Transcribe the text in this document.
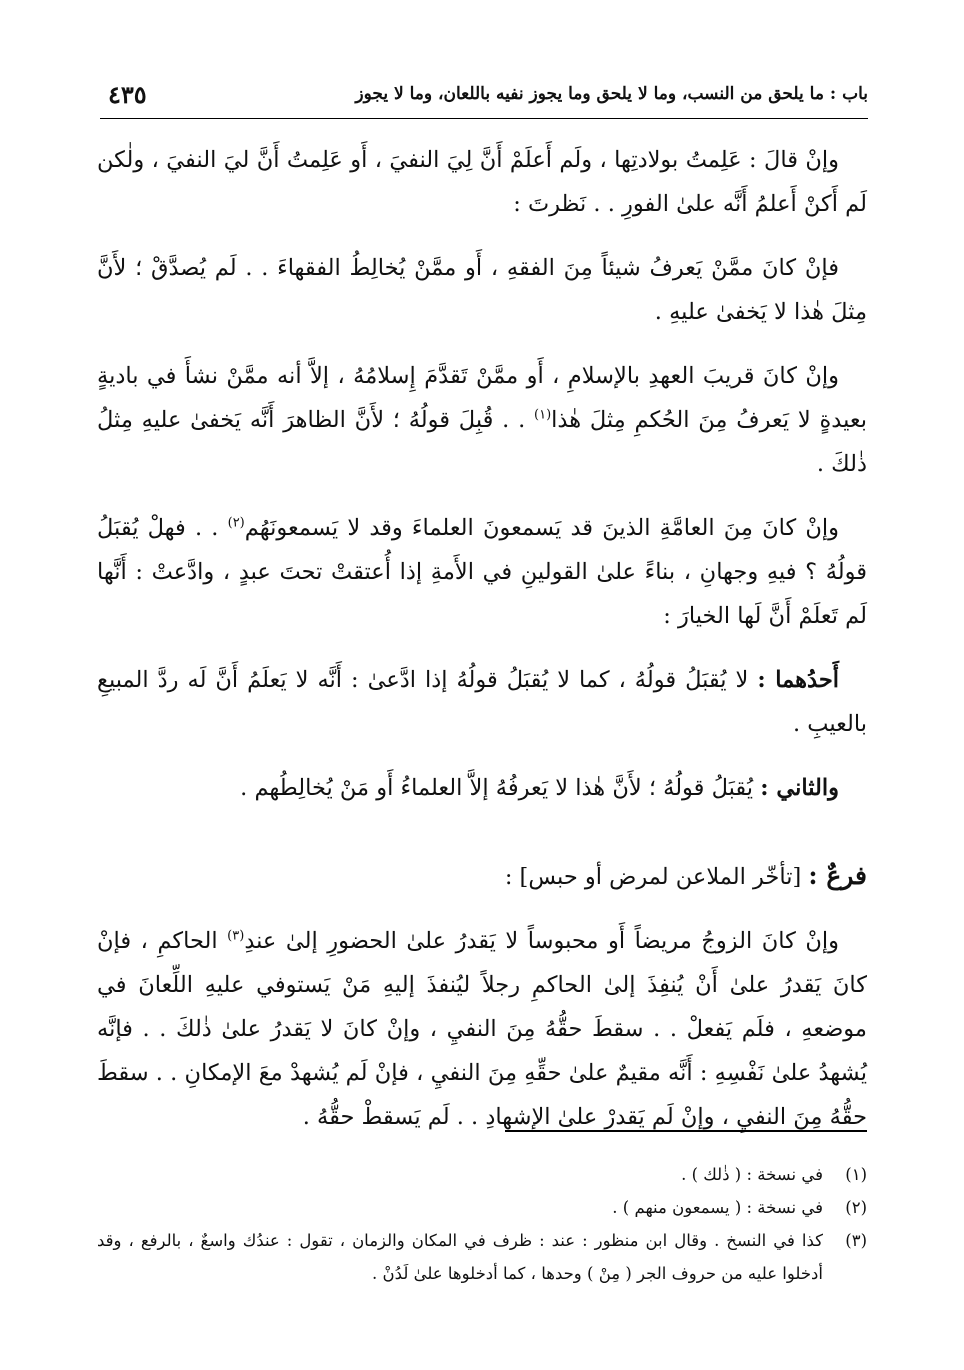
باب : ما يلحق من النسب، وما لا يلحق وما يجوز نفيه باللعان، وما لا يجوز
٤٣٥

وإنْ قالَ : عَلِمتُ بولادتِها ، ولَم أَعلَمْ أَنَّ لِيَ النفيَ ، أَو عَلِمتُ أَنَّ ليَ النفيَ ، ولٰكن لَم أَكنْ أَعلمُ أَنَّه علىٰ الفورِ . . نَظرتَ :

فإنْ كانَ ممَّنْ يَعرفُ شيئاً مِنَ الفقهِ ، أَو ممَّنْ يُخالِطُ الفقهاءَ . . لَم يُصدَّقْ ؛ لأَنَّ مِثلَ هٰذا لا يَخفىٰ عليهِ .

وإنْ كانَ قريبَ العهدِ بالإسلامِ ، أَو ممَّنْ تَقدَّمَ إِسلامُهُ ، إلاَّ أنه ممَّنْ نشأَ في باديةٍ بعيدةٍ لا يَعرفُ مِنَ الحُكمِ مِثلَ هٰذا$^{(١)}$ . . قُبِلَ قولُهُ ؛ لأَنَّ الظاهرَ أَنَّه يَخفىٰ عليهِ مِثلُ ذٰلكَ .

وإنْ كانَ مِنَ العامَّةِ الذينَ قد يَسمعونَ العلماءَ وقد لا يَسمعونَهُم$^{(٢)}$ . . فهلْ يُقبَلُ قولُهُ ؟ فيهِ وجهانِ ، بناءً علىٰ القولينِ في الأَمةِ إذا أُعتقتْ تحتَ عبدٍ ، وادَّعتْ : أَنَّها لَم تَعلَمْ أَنَّ لَها الخيارَ :

أَحدُهما : لا يُقبَلُ قولُهُ ، كما لا يُقبَلُ قولُهُ إذا ادَّعىٰ : أَنَّه لا يَعلَمُ أَنَّ لَه ردَّ المبيعِ بالعيبِ .

والثاني : يُقبَلُ قولُهُ ؛ لأَنَّ هٰذا لا يَعرفُهُ إلاَّ العلماءُ أَو مَنْ يُخالِطُهم .

فرعٌ : [تأخّر الملاعن لمرض أو حبس] :

وإنْ كانَ الزوجُ مريضاً أَو محبوساً لا يَقدرُ علىٰ الحضورِ إلىٰ عندِ$^{(٣)}$ الحاكمِ ، فإنْ كانَ يَقدرُ علىٰ أَنْ يُنفِذَ إلىٰ الحاكمِ رجلاً ليُنفذَ إليهِ مَنْ يَستوفي عليهِ اللِّعانَ في موضعهِ ، فلَم يَفعلْ . . سقطَ حقُّهُ مِنَ النفيِ ، وإنْ كانَ لا يَقدرُ علىٰ ذٰلكَ . . فإنَّه يُشهدُ علىٰ نَفْسِهِ : أَنَّه مقيمٌ علىٰ حقِّهِ مِنَ النفيِ ، فإنْ لَم يُشهدْ معَ الإمكانِ . . سقطَ حقُّهُ مِنَ النفيِ ، وإنْ لَم يَقدرْ علىٰ الإشهادِ . . لَم يَسقطْ حقُّهُ .

(١)
في نسخة : ( ذٰلك ) .
(٢)
في نسخة : ( يسمعون منهم ) .
(٣)
كذا في النسخ . وقال ابن منظور : عند : ظرف في المكان والزمان ، تقول : عندُك واسعٌ ، بالرفع ، وقد أدخلوا عليه من حروف الجر ( مِنْ ) وحدها ، كما أدخلوها علىٰ لَدُنْ .
